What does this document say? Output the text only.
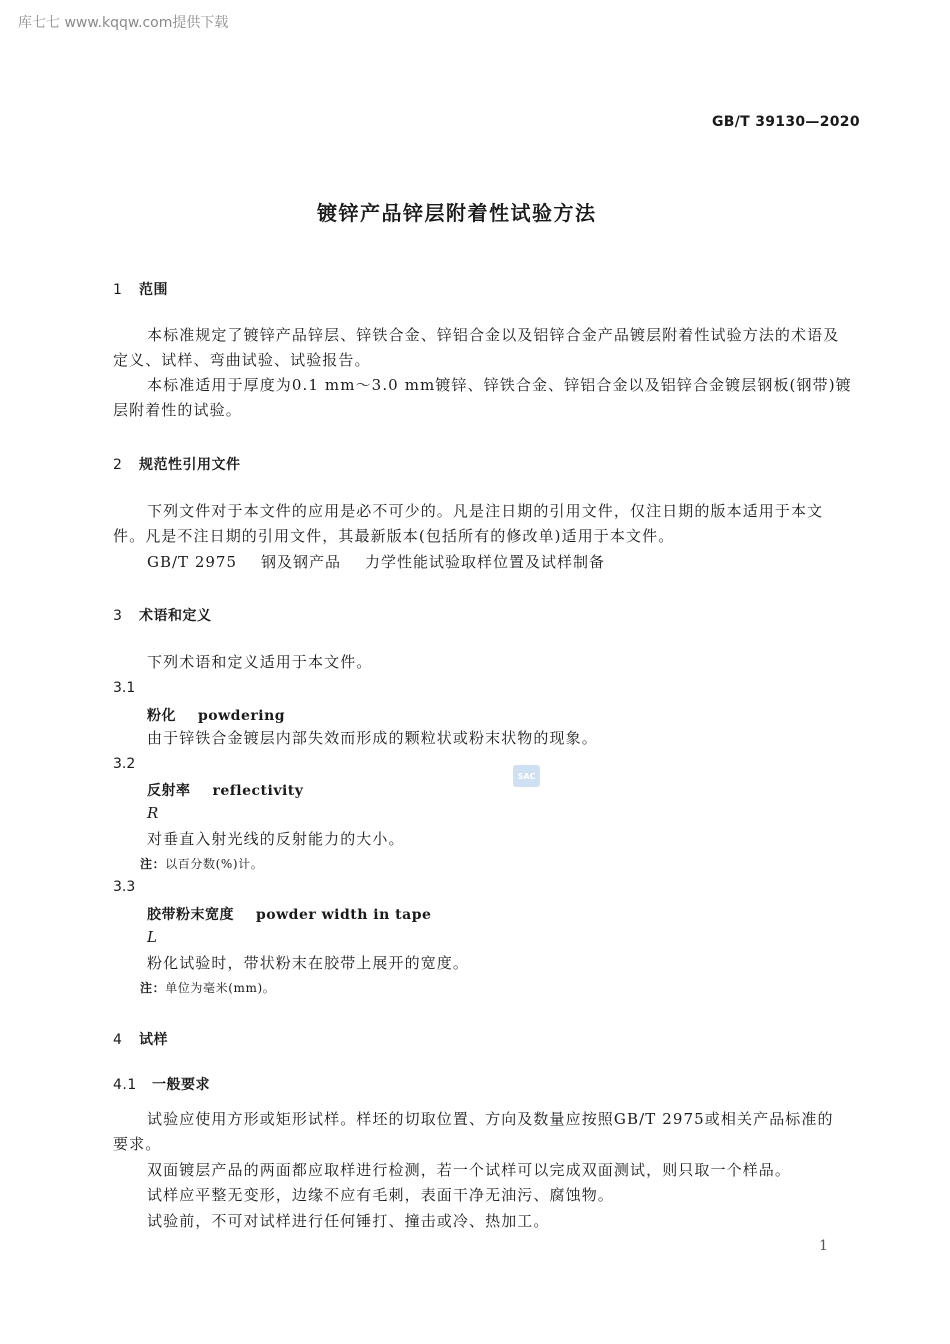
库七七 www.kqqw.com提供下载
GB/T 39130—2020
镀锌产品锌层附着性试验方法
1 范围
本标准规定了镀锌产品锌层、锌铁合金、锌铝合金以及铝锌合金产品镀层附着性试验方法的术语及
定义、试样、弯曲试验、试验报告。
本标准适用于厚度为0.1 mm～3.0 mm镀锌、锌铁合金、锌铝合金以及铝锌合金镀层钢板(钢带)镀
层附着性的试验。
2 规范性引用文件
下列文件对于本文件的应用是必不可少的。凡是注日期的引用文件，仅注日期的版本适用于本文
件。凡是不注日期的引用文件，其最新版本(包括所有的修改单)适用于本文件。
GB/T 2975 钢及钢产品 力学性能试验取样位置及试样制备
3 术语和定义
下列术语和定义适用于本文件。
3.1
粉化 powdering
由于锌铁合金镀层内部失效而形成的颗粒状或粉末状物的现象。
3.2
反射率 reflectivity
SAC
R
对垂直入射光线的反射能力的大小。
注：以百分数(%)计。
3.3
胶带粉末宽度 powder width in tape
L
粉化试验时，带状粉末在胶带上展开的宽度。
注：单位为毫米(mm)。
4 试样
4.1 一般要求
试验应使用方形或矩形试样。样坯的切取位置、方向及数量应按照GB/T 2975或相关产品标准的
要求。
双面镀层产品的两面都应取样进行检测，若一个试样可以完成双面测试，则只取一个样品。
试样应平整无变形，边缘不应有毛刺，表面干净无油污、腐蚀物。
试验前，不可对试样进行任何锤打、撞击或冷、热加工。
1
